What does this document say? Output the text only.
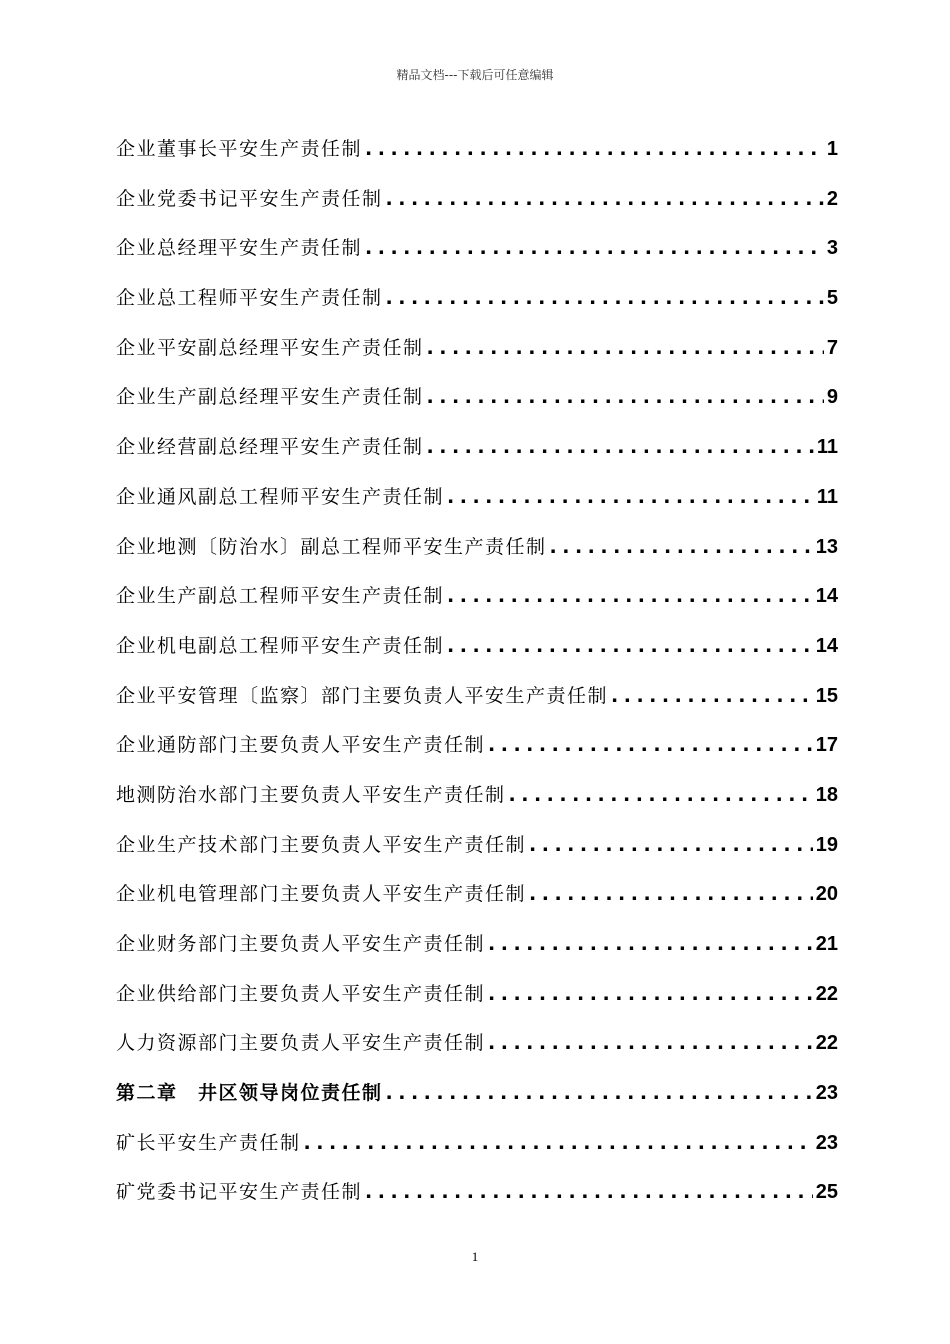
精品文档---下载后可任意编辑
企业董事长平安生产责任制 .....	1
企业党委书记平安生产责任制 .....	2
企业总经理平安生产责任制 .....	3
企业总工程师平安生产责任制 .....	5
企业平安副总经理平安生产责任制 .....	7
企业生产副总经理平安生产责任制 .....	9
企业经营副总经理平安生产责任制 .....	11
企业通风副总工程师平安生产责任制 .....	11
企业地测〔防治水〕副总工程师平安生产责任制 .....	13
企业生产副总工程师平安生产责任制 .....	14
企业机电副总工程师平安生产责任制 .....	14
企业平安管理〔监察〕部门主要负责人平安生产责任制 .....	15
企业通防部门主要负责人平安生产责任制 .....	17
地测防治水部门主要负责人平安生产责任制 .....	18
企业生产技术部门主要负责人平安生产责任制 .....	19
企业机电管理部门主要负责人平安生产责任制 .....	20
企业财务部门主要负责人平安生产责任制 .....	21
企业供给部门主要负责人平安生产责任制 .....	22
人力资源部门主要负责人平安生产责任制 .....	22
第二章　井区领导岗位责任制 .....	23
矿长平安生产责任制 .....	23
矿党委书记平安生产责任制 .....	25
1
